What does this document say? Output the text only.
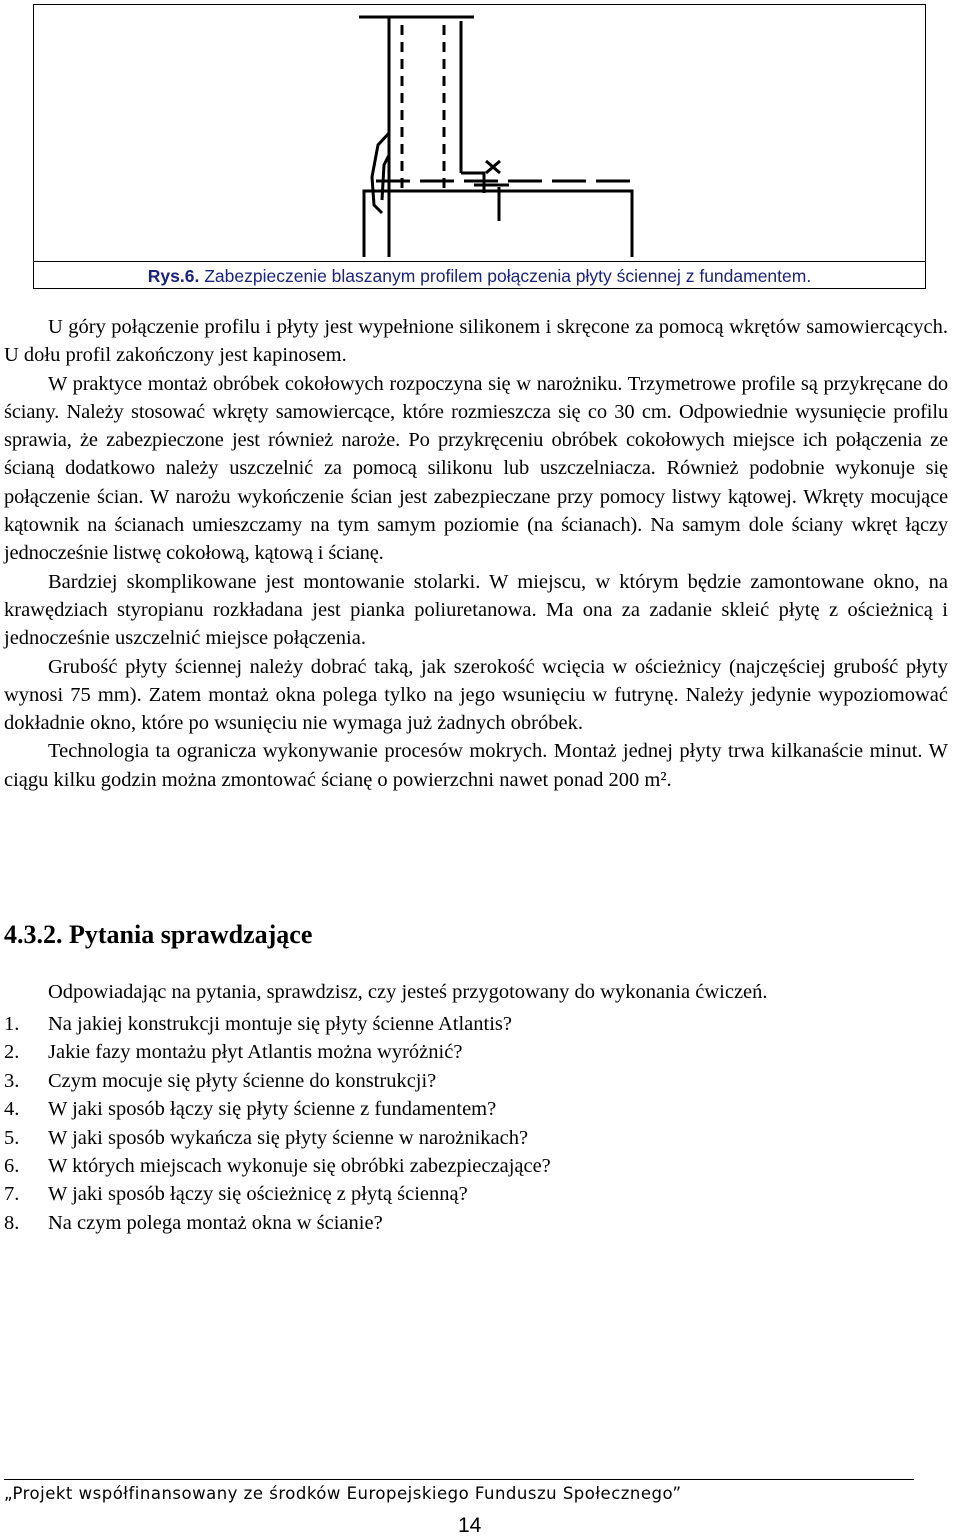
Rys.6. Zabezpieczenie blaszanym profilem połączenia płyty ściennej z fundamentem.

U góry połączenie profilu i płyty jest wypełnione silikonem i skręcone za pomocą wkrętów samowiercących. U dołu profil zakończony jest kapinosem.

W praktyce montaż obróbek cokołowych rozpoczyna się w narożniku. Trzymetrowe profile są przykręcane do ściany. Należy stosować wkręty samowiercące, które rozmieszcza się co 30 cm. Odpowiednie wysunięcie profilu sprawia, że zabezpieczone jest również naroże. Po przykręceniu obróbek cokołowych miejsce ich połączenia ze ścianą dodatkowo należy uszczelnić za pomocą silikonu lub uszczelniacza. Również podobnie wykonuje się połączenie ścian. W narożu wykończenie ścian jest zabezpieczane przy pomocy listwy kątowej. Wkręty mocujące kątownik na ścianach umieszczamy na tym samym poziomie (na ścianach). Na samym dole ściany wkręt łączy jednocześnie listwę cokołową, kątową i ścianę.

Bardziej skomplikowane jest montowanie stolarki. W miejscu, w którym będzie zamontowane okno, na krawędziach styropianu rozkładana jest pianka poliuretanowa. Ma ona za zadanie skleić płytę z ościeżnicą i jednocześnie uszczelnić miejsce połączenia.

Grubość płyty ściennej należy dobrać taką, jak szerokość wcięcia w ościeżnicy (najczęściej grubość płyty wynosi 75 mm). Zatem montaż okna polega tylko na jego wsunięciu w futrynę. Należy jedynie wypoziomować dokładnie okno, które po wsunięciu nie wymaga już żadnych obróbek.

Technologia ta ogranicza wykonywanie procesów mokrych. Montaż jednej płyty trwa kilkanaście minut. W ciągu kilku godzin można zmontować ścianę o powierzchni nawet ponad 200 m².

4.3.2. Pytania sprawdzające
Odpowiadając na pytania, sprawdzisz, czy jesteś przygotowany do wykonania ćwiczeń.
1.	Na jakiej konstrukcji montuje się płyty ścienne Atlantis?
2.	Jakie fazy montażu płyt Atlantis można wyróżnić?
3.	Czym mocuje się płyty ścienne do konstrukcji?
4.	W jaki sposób łączy się płyty ścienne z fundamentem?
5.	W jaki sposób wykańcza się płyty ścienne w narożnikach?
6.	W których miejscach wykonuje się obróbki zabezpieczające?
7.	W jaki sposób łączy się ościeżnicę z płytą ścienną?
8.	Na czym polega montaż okna w ścianie?
„Projekt współfinansowany ze środków Europejskiego Funduszu Społecznego”
14
